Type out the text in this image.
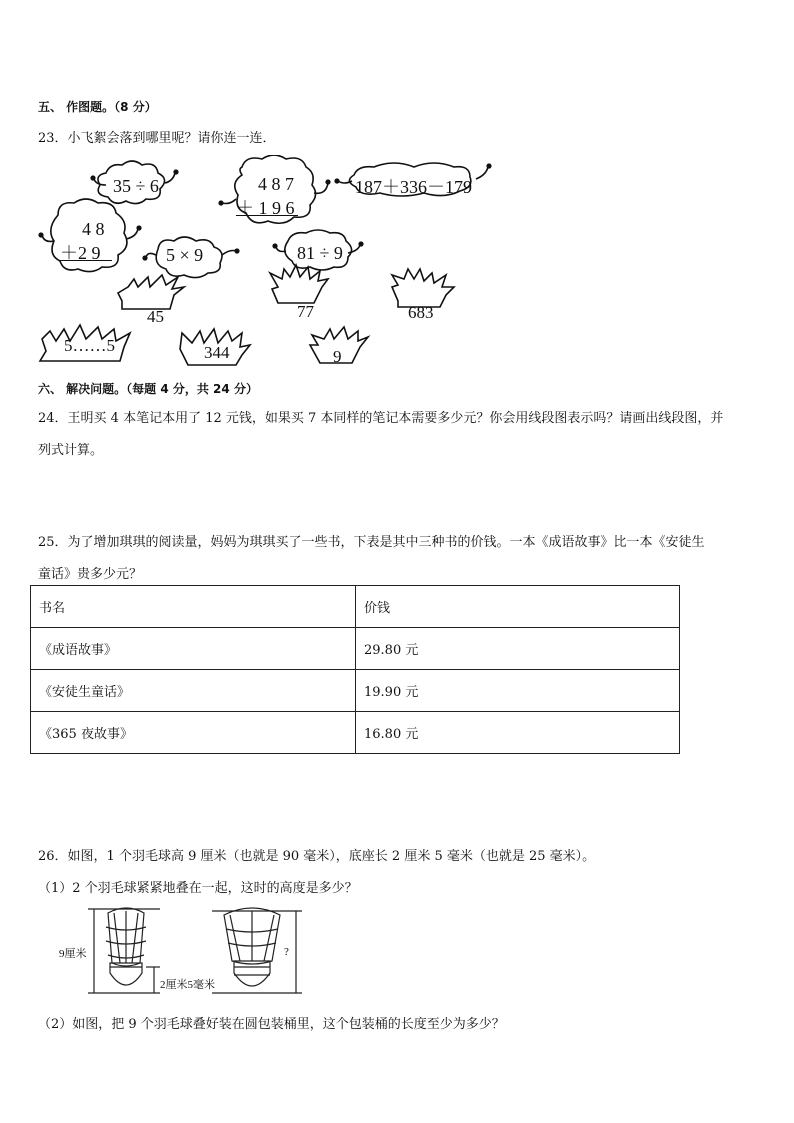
五、 作图题。（8 分）
23．小飞絮会落到哪里呢？请你连一连．
35 ÷ 6	4 8 7
＋ 1 9 6
187＋336－179
4 8
＋2 9	5 × 9	81 ÷ 9
45	77	683
5……5	344	9
六、 解决问题。（每题 4 分，共 24 分）
24．王明买 4 本笔记本用了 12 元钱，如果买 7 本同样的笔记本需要多少元？你会用线段图表示吗？请画出线段图，并
列式计算。
25．为了增加琪琪的阅读量，妈妈为琪琪买了一些书，下表是其中三种书的价钱。一本《成语故事》比一本《安徒生
童话》贵多少元？
书名	价钱
《成语故事》	29.80 元
《安徒生童话》	19.90 元
《365 夜故事》	16.80 元
26．如图，1 个羽毛球高 9 厘米（也就是 90 毫米），底座长 2 厘米 5 毫米（也就是 25 毫米）。
（1）2 个羽毛球紧紧地叠在一起，这时的高度是多少？
9厘米
2厘米5毫米
?
（2）如图，把 9 个羽毛球叠好装在圆包装桶里，这个包装桶的长度至少为多少？
